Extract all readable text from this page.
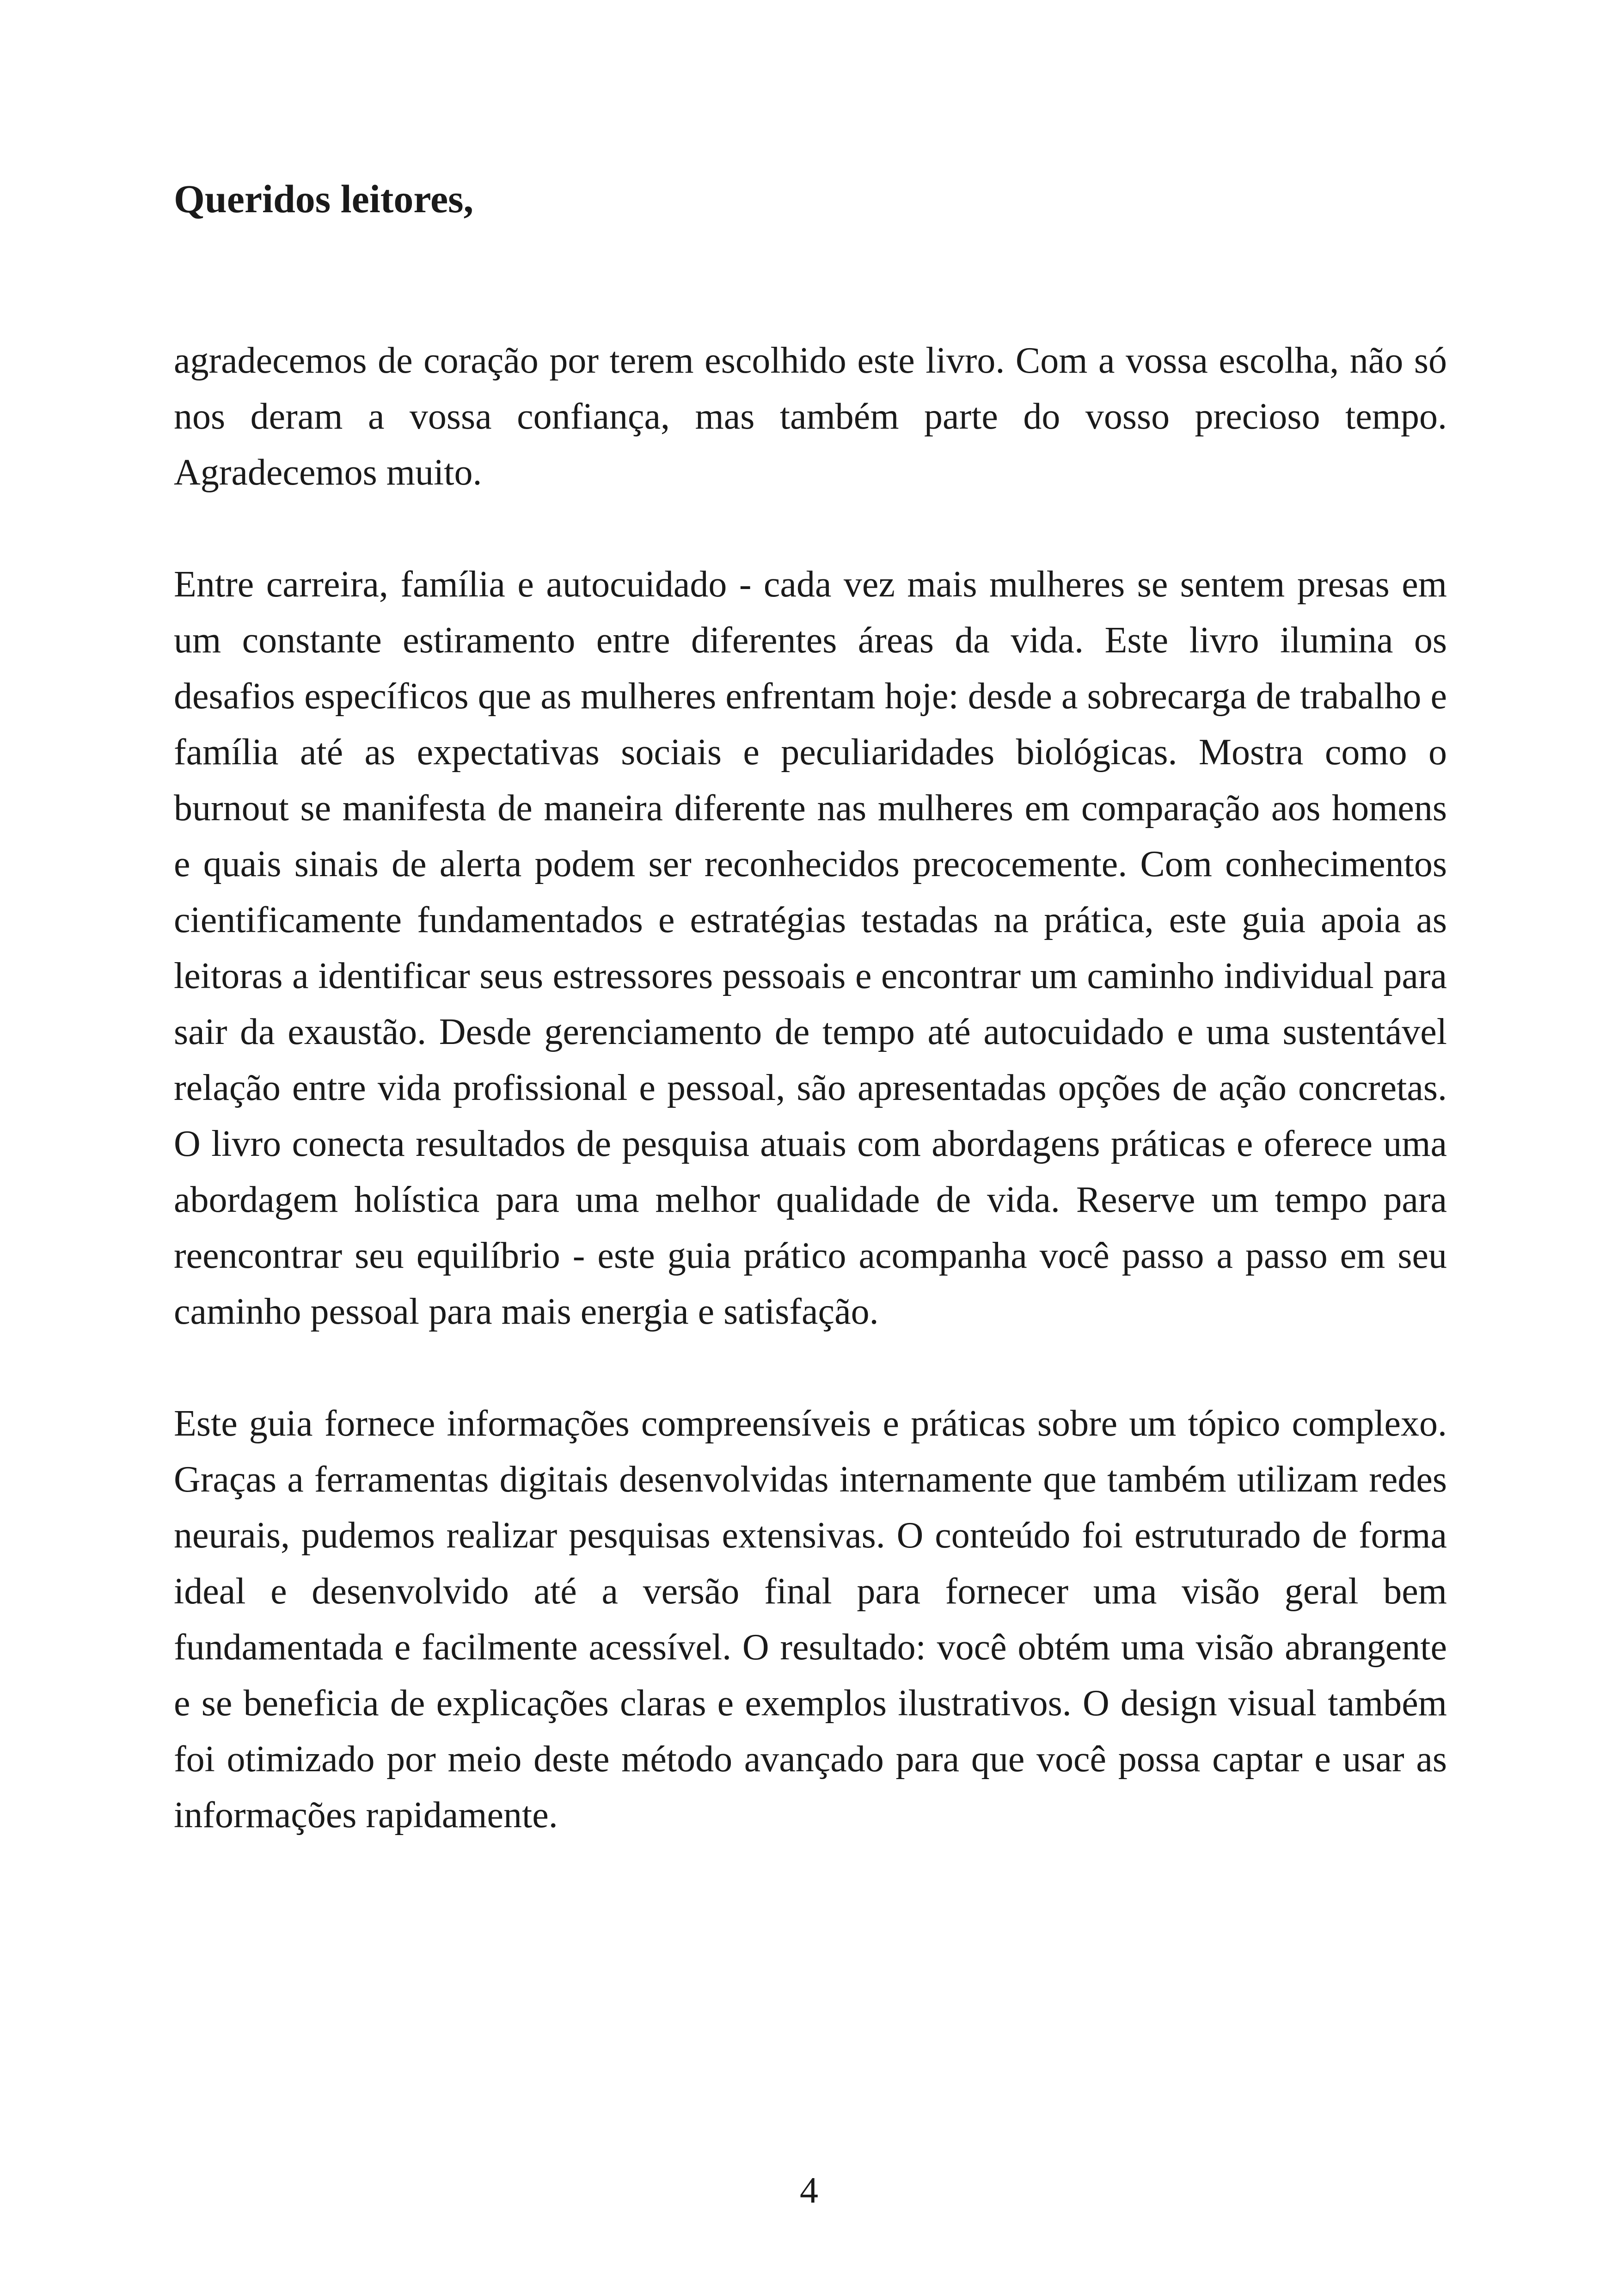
Queridos leitores,

agradecemos de coração por terem escolhido este livro. Com a vossa escolha, não só nos deram a vossa confiança, mas também parte do vosso precioso tempo. Agradecemos muito.

Entre carreira, família e autocuidado - cada vez mais mulheres se sentem presas em um constante estiramento entre diferentes áreas da vida. Este livro ilumina os desafios específicos que as mulheres enfrentam hoje: desde a sobrecarga de trabalho e família até as expectativas sociais e peculiaridades biológicas. Mostra como o burnout se manifesta de maneira diferente nas mulheres em comparação aos homens e quais sinais de alerta podem ser reconhecidos precocemente. Com conhecimentos cientificamente fundamentados e estratégias testadas na prática, este guia apoia as leitoras a identificar seus estressores pessoais e encontrar um caminho individual para sair da exaustão. Desde gerenciamento de tempo até autocuidado e uma sustentável relação entre vida profissional e pessoal, são apresentadas opções de ação concretas. O livro conecta resultados de pesquisa atuais com abordagens práticas e oferece uma abordagem holística para uma melhor qualidade de vida. Reserve um tempo para reencontrar seu equilíbrio - este guia prático acompanha você passo a passo em seu caminho pessoal para mais energia e satisfação.

Este guia fornece informações compreensíveis e práticas sobre um tópico complexo. Graças a ferramentas digitais desenvolvidas internamente que também utilizam redes neurais, pudemos realizar pesquisas extensivas. O conteúdo foi estruturado de forma ideal e desenvolvido até a versão final para fornecer uma visão geral bem fundamentada e facilmente acessível. O resultado: você obtém uma visão abrangente e se beneficia de explicações claras e exemplos ilustrativos. O design visual também foi otimizado por meio deste método avançado para que você possa captar e usar as informações rapidamente.

4
